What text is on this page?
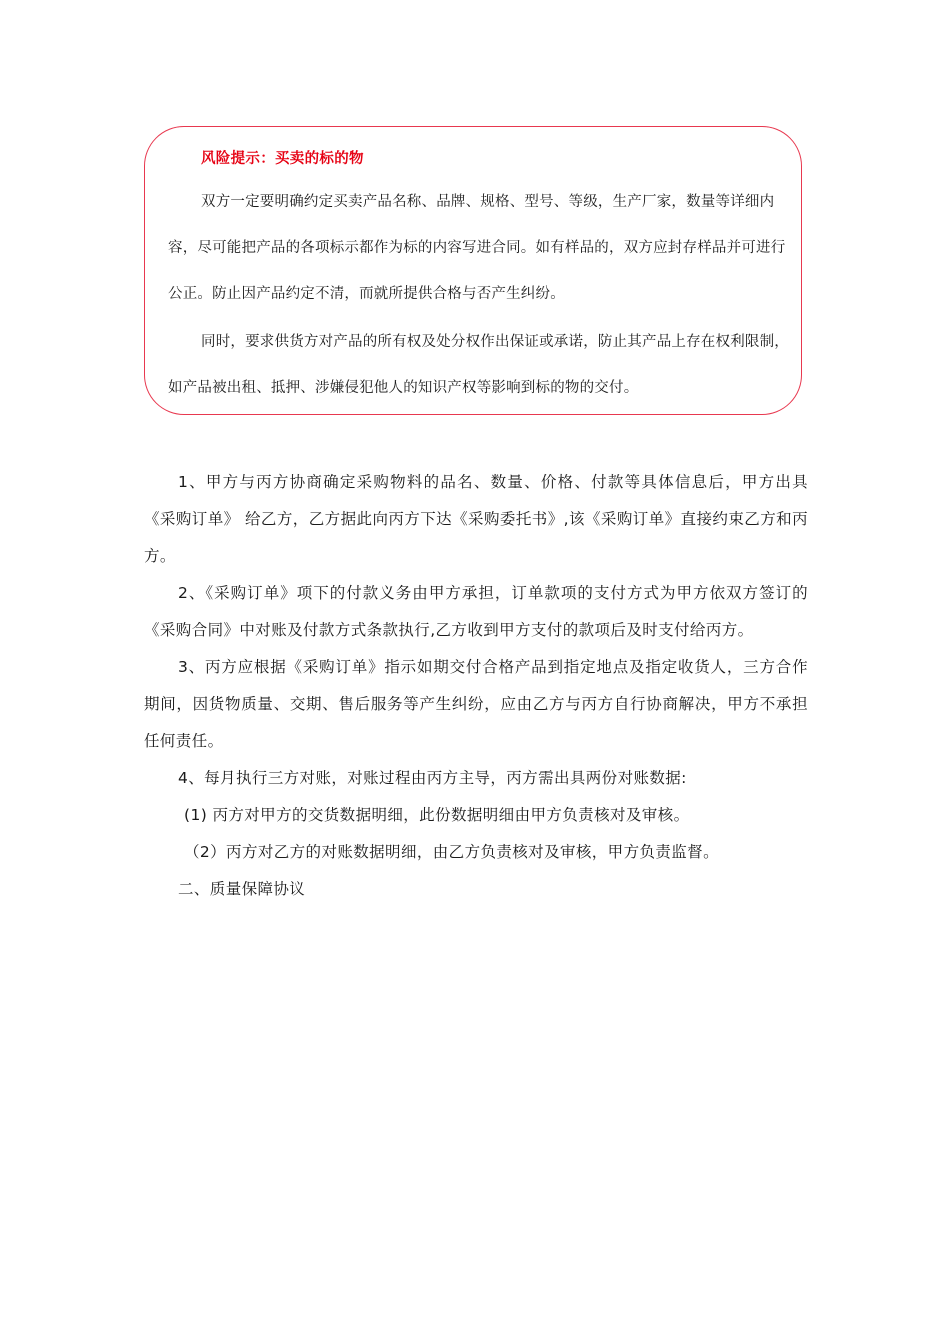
风险提示：买卖的标的物

双方一定要明确约定买卖产品名称、品牌、规格、型号、等级，生产厂家，数量等详细内容，尽可能把产品的各项标示都作为标的内容写进合同。如有样品的，双方应封存样品并可进行公正。防止因产品约定不清，而就所提供合格与否产生纠纷。

同时，要求供货方对产品的所有权及处分权作出保证或承诺，防止其产品上存在权利限制，如产品被出租、抵押、涉嫌侵犯他人的知识产权等影响到标的物的交付。

1、甲方与丙方协商确定采购物料的品名、数量、价格、付款等具体信息后，甲方出具《采购订单》 给乙方，乙方据此向丙方下达《采购委托书》,该《采购订单》直接约束乙方和丙方。

2、《采购订单》项下的付款义务由甲方承担，订单款项的支付方式为甲方依双方签订的《采购合同》中对账及付款方式条款执行,乙方收到甲方支付的款项后及时支付给丙方。

3、丙方应根据《采购订单》指示如期交付合格产品到指定地点及指定收货人，三方合作期间，因货物质量、交期、售后服务等产生纠纷，应由乙方与丙方自行协商解决，甲方不承担任何责任。

4、每月执行三方对账，对账过程由丙方主导，丙方需出具两份对账数据:

(1) 丙方对甲方的交货数据明细，此份数据明细由甲方负责核对及审核。

（2）丙方对乙方的对账数据明细，由乙方负责核对及审核，甲方负责监督。

二、质量保障协议
